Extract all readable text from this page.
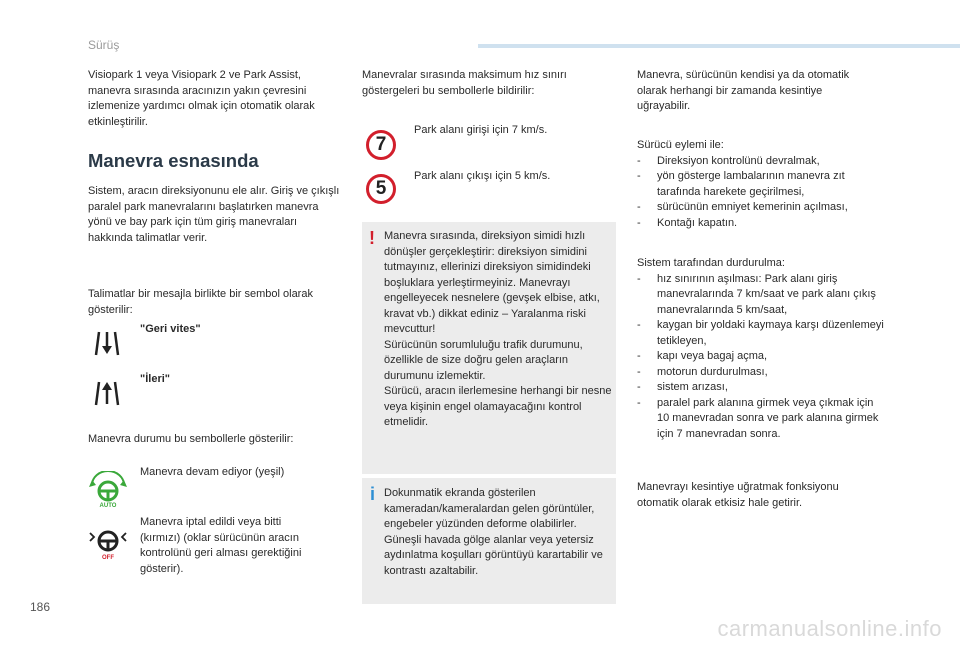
Sürüş

Visiopark 1 veya Visiopark 2 ve Park Assist, manevra sırasında aracınızın yakın çevresini izlemenize yardımcı olmak için otomatik olarak etkinleştirilir.

Manevra esnasında

Sistem, aracın direksiyonunu ele alır. Giriş ve çıkışlı paralel park manevralarını başlatırken manevra yönü ve bay park için tüm giriş manevraları hakkında talimatlar verir.

Talimatlar bir mesajla birlikte bir sembol olarak gösterilir:

"Geri vites"
"İleri"

Manevra durumu bu sembollerle gösterilir:

AUTO

Manevra devam ediyor (yeşil)

OFF

Manevra iptal edildi veya bitti (kırmızı) (oklar sürücünün aracın kontrolünü geri alması gerektiğini gösterir).

Manevralar sırasında maksimum hız sınırı göstergeleri bu sembollerle bildirilir:

7
Park alanı girişi için 7 km/s.
5
Park alanı çıkışı için 5 km/s.
! Manevra sırasında, direksiyon simidi hızlı dönüşler gerçekleştirir: direksiyon simidini tutmayınız, ellerinizi direksiyon simidindeki boşluklara yerleştirmeyiniz. Manevrayı engelleyecek nesnelere (gevşek elbise, atkı, kravat vb.) dikkat ediniz – Yaralanma riski mevcuttur!

Sürücünün sorumluluğu trafik durumunu, özellikle de size doğru gelen araçların durumunu izlemektir.

Sürücü, aracın ilerlemesine herhangi bir nesne veya kişinin engel olamayacağını kontrol etmelidir.

i Dokunmatik ekranda gösterilen kameradan/kameralardan gelen görüntüler, engebeler yüzünden deforme olabilirler.

Güneşli havada gölge alanlar veya yetersiz aydınlatma koşulları görüntüyü karartabilir ve kontrastı azaltabilir.

Manevra, sürücünün kendisi ya da otomatik olarak herhangi bir zamanda kesintiye uğrayabilir.

Sürücü eylemi ile:

- Direksiyon kontrolünü devralmak,
- yön gösterge lambalarının manevra zıt tarafında harekete geçirilmesi,
- sürücünün emniyet kemerinin açılması,
- Kontağı kapatın.

Sistem tarafından durdurulma:

- hız sınırının aşılması: Park alanı giriş manevralarında 7 km/saat ve park alanı çıkış manevralarında 5 km/saat,
- kaygan bir yoldaki kaymaya karşı düzenlemeyi tetikleyen,
- kapı veya bagaj açma,
- motorun durdurulması,
- sistem arızası,
- paralel park alanına girmek veya çıkmak için 10 manevradan sonra ve park alanına girmek için 7 manevradan sonra.

Manevrayı kesintiye uğratmak fonksiyonu otomatik olarak etkisiz hale getirir.

186
carmanualsonline.info
